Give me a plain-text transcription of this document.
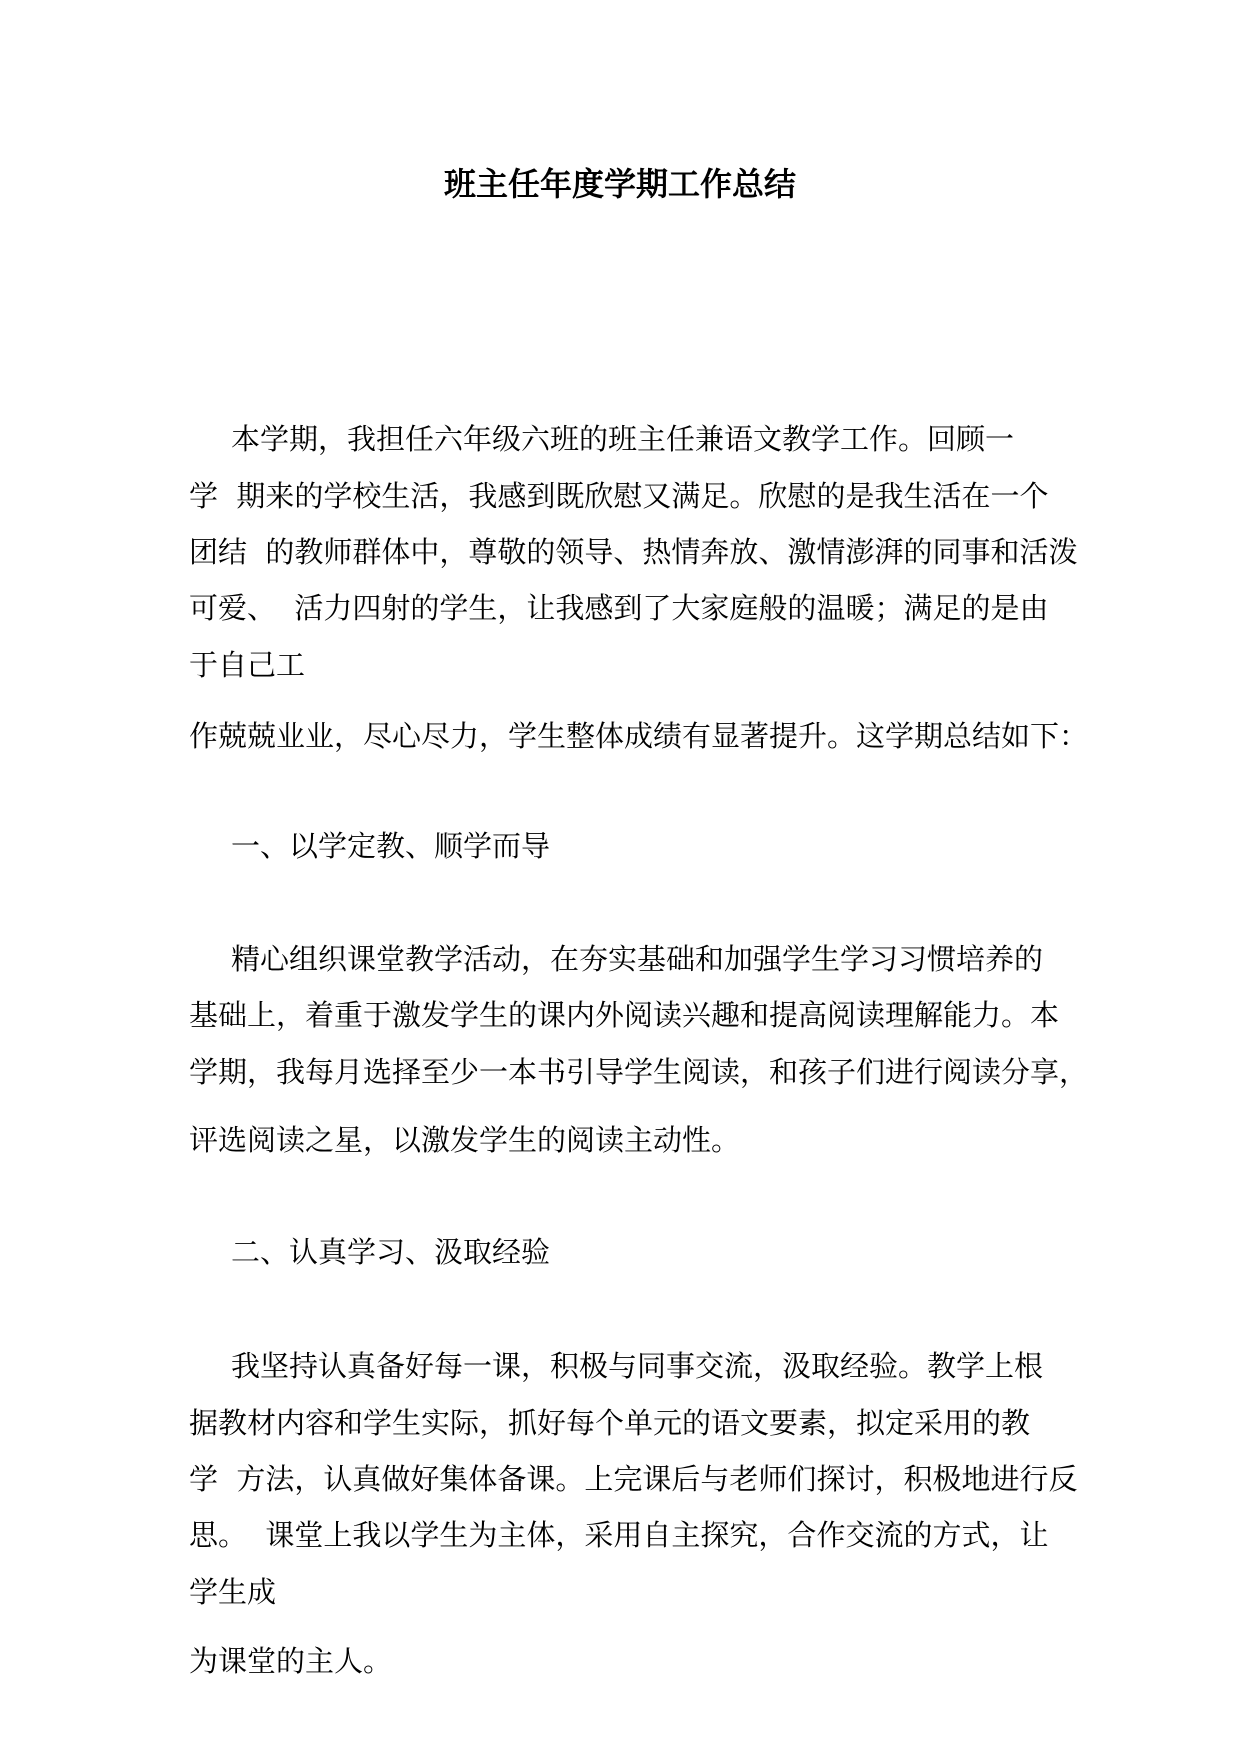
班主任年度学期工作总结
本学期，我担任六年级六班的班主任兼语文教学工作。回顾一
学  期来的学校生活，我感到既欣慰又满足。欣慰的是我生活在一个
团结  的教师群体中，尊敬的领导、热情奔放、激情澎湃的同事和活泼
可爱、  活力四射的学生，让我感到了大家庭般的温暖；满足的是由
于自己工
作兢兢业业，尽心尽力，学生整体成绩有显著提升。这学期总结如下：
一、以学定教、顺学而导
精心组织课堂教学活动，在夯实基础和加强学生学习习惯培养的
基础上，着重于激发学生的课内外阅读兴趣和提高阅读理解能力。本
学期，我每月选择至少一本书引导学生阅读，和孩子们进行阅读分享，
评选阅读之星，以激发学生的阅读主动性。
二、认真学习、汲取经验
我坚持认真备好每一课，积极与同事交流，汲取经验。教学上根
据教材内容和学生实际，抓好每个单元的语文要素，拟定采用的教
学  方法，认真做好集体备课。上完课后与老师们探讨，积极地进行反
思。  课堂上我以学生为主体，采用自主探究，合作交流的方式，让
学生成
为课堂的主人。
